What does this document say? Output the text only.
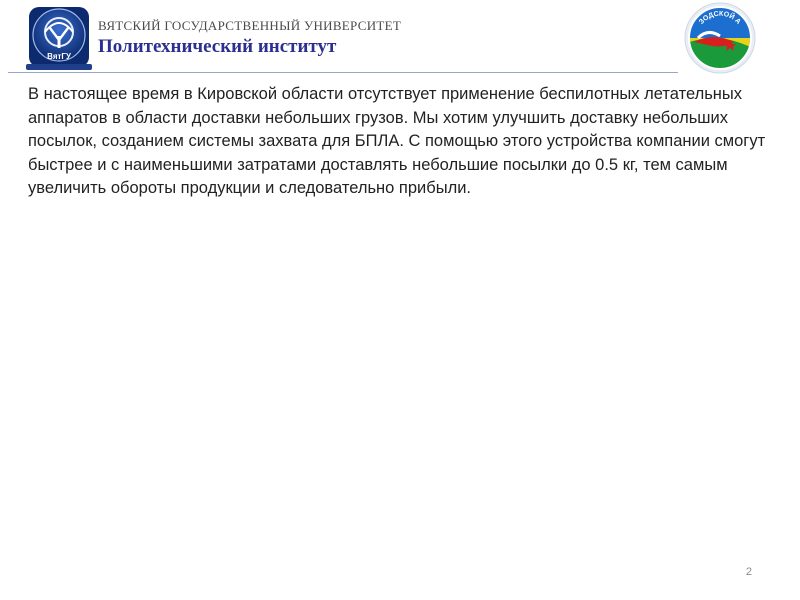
ВятГУ
ВЯТСКИЙ ГОСУДАРСТВЕННЫЙ УНИВЕРСИТЕТ
Политехнический институт
ЗОДСКОЙ А
В настоящее время в Кировской области отсутствует применение беспилотных летательных аппаратов в области доставки небольших грузов. Мы хотим улучшить доставку небольших посылок, созданием системы захвата для БПЛА. С помощью этого устройства компании смогут быстрее и с наименьшими затратами доставлять небольшие посылки до 0.5 кг, тем самым увеличить обороты продукции и следовательно прибыли.
2
